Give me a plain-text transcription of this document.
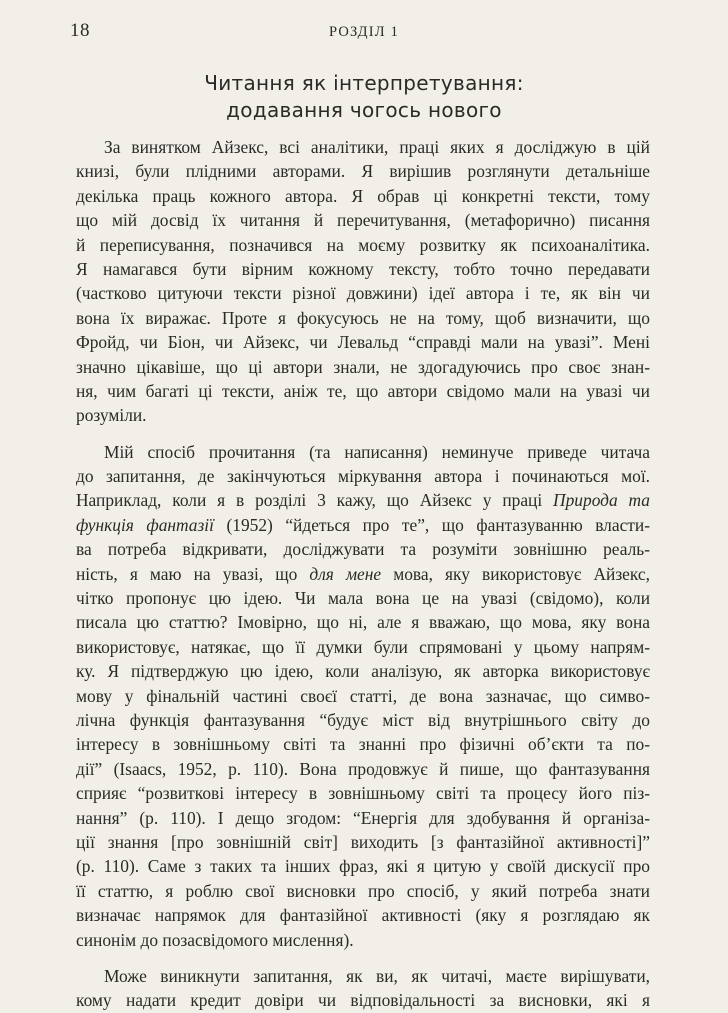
18	РОЗДІЛ 1
Читання як інтерпретування:
додавання чогось нового
За винятком Айзекс, всі аналітики, праці яких я досліджую в цій
книзі, були плідними авторами. Я вирішив розглянути детальніше
декілька праць кожного автора. Я обрав ці конкретні тексти, тому
що мій досвід їх читання й перечитування, (метафорично) писання
й переписування, позначився на моєму розвитку як психоаналітика.
Я намагався бути вірним кожному тексту, тобто точно передавати
(частково цитуючи тексти різної довжини) ідеї автора і те, як він чи
вона їх виражає. Проте я фокусуюсь не на тому, щоб визначити, що
Фройд, чи Біон, чи Айзекс, чи Левальд “справді мали на увазі”. Мені
значно цікавіше, що ці автори знали, не здогадуючись про своє знан-
ня, чим багаті ці тексти, аніж те, що автори свідомо мали на увазі чи
розуміли.
Мій спосіб прочитання (та написання) неминуче приведе читача
до запитання, де закінчуються міркування автора і починаються мої.
Наприклад, коли я в розділі 3 кажу, що Айзекс у праці Природа та
функція фантазії (1952) “йдеться про те”, що фантазуванню власти-
ва потреба відкривати, досліджувати та розуміти зовнішню реаль-
ність, я маю на увазі, що для мене мова, яку використовує Айзекс,
чітко пропонує цю ідею. Чи мала вона це на увазі (свідомо), коли
писала цю статтю? Імовірно, що ні, але я вважаю, що мова, яку вона
використовує, натякає, що її думки були спрямовані у цьому напрям-
ку. Я підтверджую цю ідею, коли аналізую, як авторка використовує
мову у фінальній частині своєї статті, де вона зазначає, що симво-
лічна функція фантазування “будує міст від внутрішнього світу до
інтересу в зовнішньому світі та знанні про фізичні об’єкти та по-
дії” (Isaacs, 1952, p. 110). Вона продовжує й пише, що фантазування
сприяє “розвиткові інтересу в зовнішньому світі та процесу його піз-
нання” (p. 110). І дещо згодом: “Енергія для здобування й організа-
ції знання [про зовнішній світ] виходить [з фантазійної активності]”
(p. 110). Саме з таких та інших фраз, які я цитую у своїй дискусії про
її статтю, я роблю свої висновки про спосіб, у який потреба знати
визначає напрямок для фантазійної активності (яку я розглядаю як
синонім до позасвідомого мислення).
Може виникнути запитання, як ви, як читачі, маєте вирішувати,
кому надати кредит довіри чи відповідальності за висновки, які я
